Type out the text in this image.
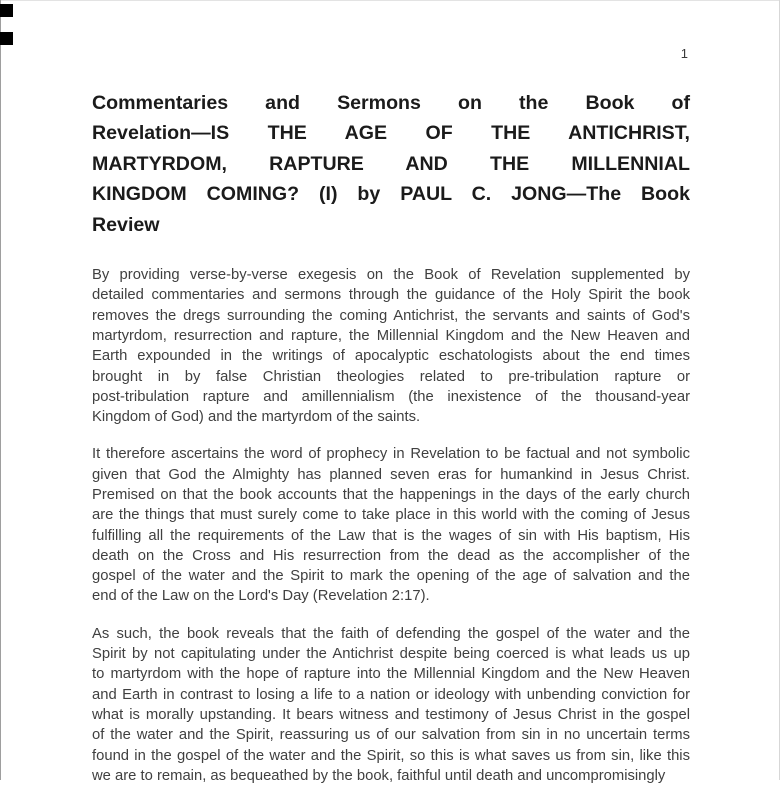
1
Commentaries and Sermons on the Book of
Revelation—IS THE AGE OF THE ANTICHRIST,
MARTYRDOM, RAPTURE AND THE MILLENNIAL
KINGDOM COMING? (I) by PAUL C. JONG—The Book
Review

By providing verse-by-verse exegesis on the Book of Revelation supplemented by
detailed commentaries and sermons through the guidance of the Holy Spirit the book
removes the dregs surrounding the coming Antichrist, the servants and saints of God's
martyrdom, resurrection and rapture, the Millennial Kingdom and the New Heaven and
Earth expounded in the writings of apocalyptic eschatologists about the end times
brought in by false Christian theologies related to pre-tribulation rapture or
post-tribulation rapture and amillennialism (the inexistence of the thousand-year
Kingdom of God) and the martyrdom of the saints.

It therefore ascertains the word of prophecy in Revelation to be factual and not symbolic
given that God the Almighty has planned seven eras for humankind in Jesus Christ.
Premised on that the book accounts that the happenings in the days of the early church
are the things that must surely come to take place in this world with the coming of Jesus
fulfilling all the requirements of the Law that is the wages of sin with His baptism, His
death on the Cross and His resurrection from the dead as the accomplisher of the
gospel of the water and the Spirit to mark the opening of the age of salvation and the
end of the Law on the Lord's Day (Revelation 2:17).

As such, the book reveals that the faith of defending the gospel of the water and the
Spirit by not capitulating under the Antichrist despite being coerced is what leads us up
to martyrdom with the hope of rapture into the Millennial Kingdom and the New Heaven
and Earth in contrast to losing a life to a nation or ideology with unbending conviction for
what is morally upstanding. It bears witness and testimony of Jesus Christ in the gospel
of the water and the Spirit, reassuring us of our salvation from sin in no uncertain terms
found in the gospel of the water and the Spirit, so this is what saves us from sin, like this
we are to remain, as bequeathed by the book, faithful until death and uncompromisingly
